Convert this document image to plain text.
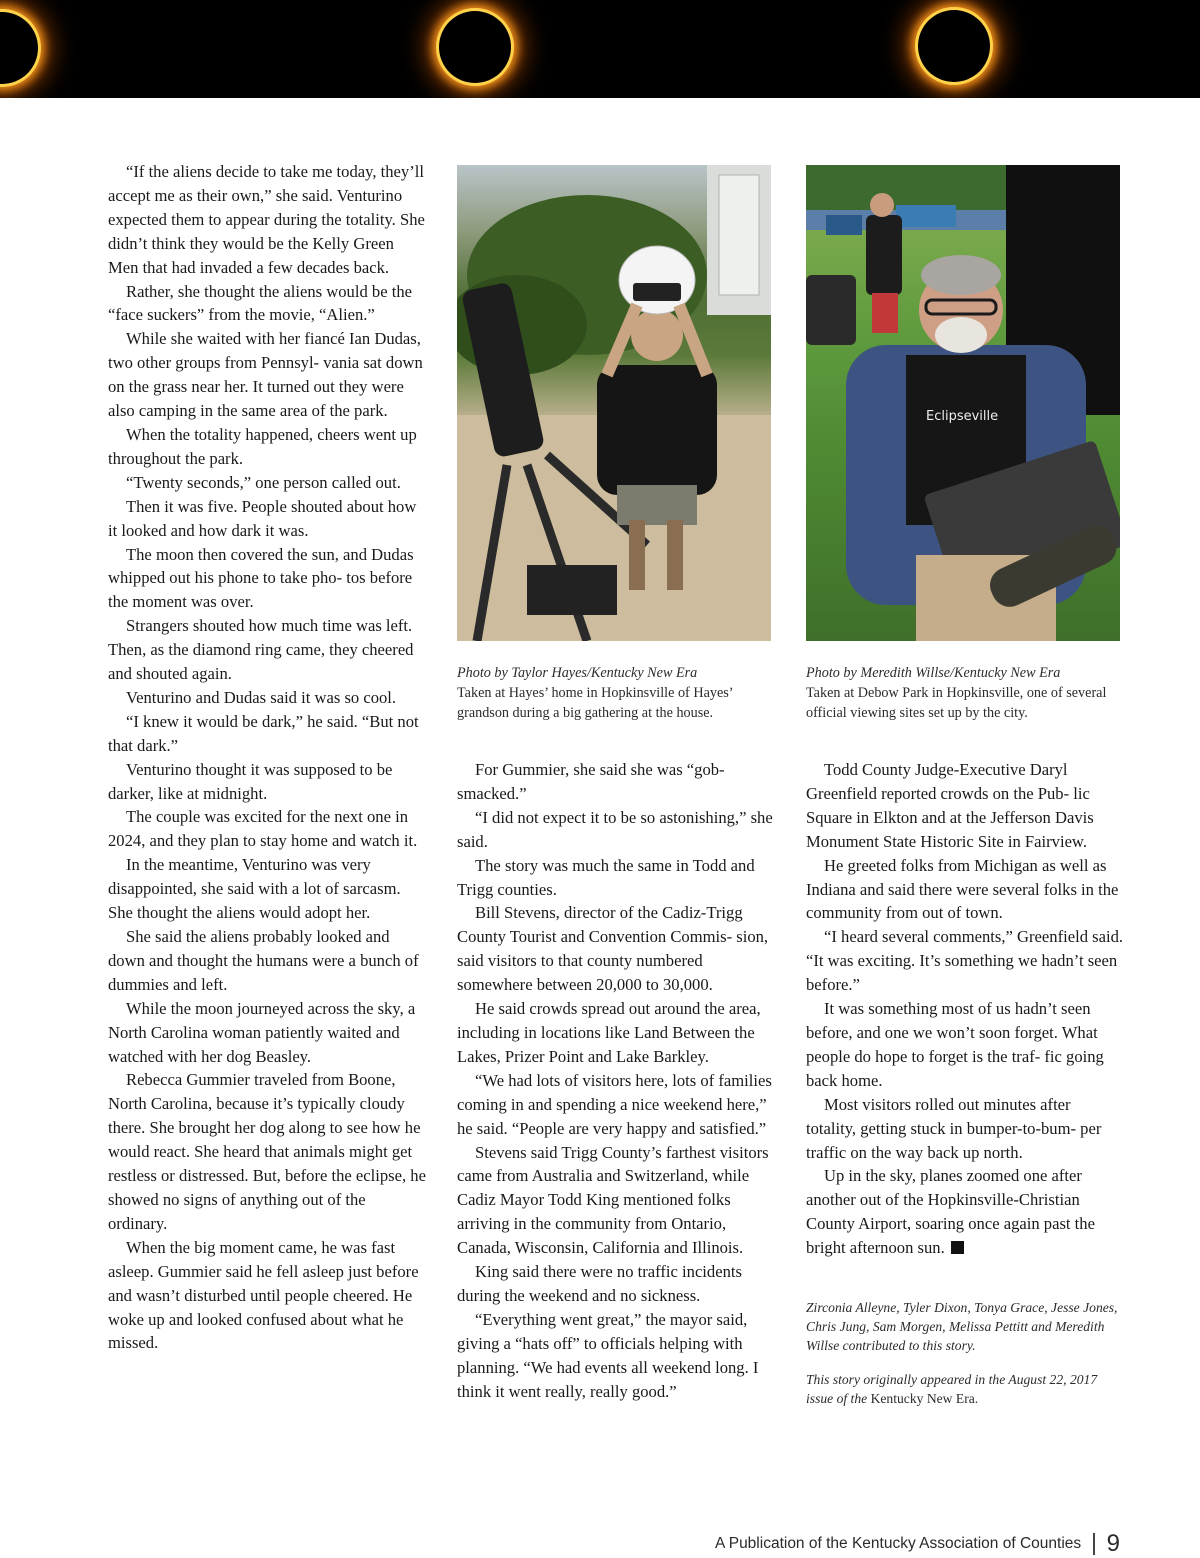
“If the aliens decide to take me today, they’ll accept me as their own,” she said. Venturino expected them to appear during the totality. She didn’t think they would be the Kelly Green Men that had invaded a few decades back.

Rather, she thought the aliens would be the “face suckers” from the movie, “Alien.”

While she waited with her fiancé Ian Dudas, two other groups from Pennsyl- vania sat down on the grass near her. It turned out they were also camping in the same area of the park.

When the totality happened, cheers went up throughout the park.

“Twenty seconds,” one person called out.

Then it was five. People shouted about how it looked and how dark it was.

The moon then covered the sun, and Dudas whipped out his phone to take pho- tos before the moment was over.

Strangers shouted how much time was left. Then, as the diamond ring came, they cheered and shouted again.

Venturino and Dudas said it was so cool.

“I knew it would be dark,” he said. “But not that dark.”

Venturino thought it was supposed to be darker, like at midnight.

The couple was excited for the next one in 2024, and they plan to stay home and watch it.

In the meantime, Venturino was very disappointed, she said with a lot of sarcasm. She thought the aliens would adopt her.

She said the aliens probably looked and down and thought the humans were a bunch of dummies and left.

While the moon journeyed across the sky, a North Carolina woman patiently waited and watched with her dog Beasley.

Rebecca Gummier traveled from Boone, North Carolina, because it’s typically cloudy there. She brought her dog along to see how he would react. She heard that animals might get restless or distressed. But, before the eclipse, he showed no signs of anything out of the ordinary.

When the big moment came, he was fast asleep. Gummier said he fell asleep just before and wasn’t disturbed until people cheered. He woke up and looked confused about what he missed.

Eclipseville
Photo by Taylor Hayes/Kentucky New Era
Taken at Hayes’ home in Hopkinsville of Hayes’ grandson during a big gathering at the house.
Photo by Meredith Willse/Kentucky New Era
Taken at Debow Park in Hopkinsville, one of several official viewing sites set up by the city.

For Gummier, she said she was “gob- smacked.”

“I did not expect it to be so astonishing,” she said.

The story was much the same in Todd and Trigg counties.

Bill Stevens, director of the Cadiz-Trigg County Tourist and Convention Commis- sion, said visitors to that county numbered somewhere between 20,000 to 30,000.

He said crowds spread out around the area, including in locations like Land Between the Lakes, Prizer Point and Lake Barkley.

“We had lots of visitors here, lots of families coming in and spending a nice weekend here,” he said. “People are very happy and satisfied.”

Stevens said Trigg County’s farthest visitors came from Australia and Switzerland, while Cadiz Mayor Todd King mentioned folks arriving in the community from Ontario, Canada, Wisconsin, California and Illinois.

King said there were no traffic incidents during the weekend and no sickness.

“Everything went great,” the mayor said, giving a “hats off” to officials helping with planning. “We had events all weekend long. I think it went really, really good.”

Todd County Judge-Executive Daryl Greenfield reported crowds on the Pub- lic Square in Elkton and at the Jefferson Davis Monument State Historic Site in Fairview.

He greeted folks from Michigan as well as Indiana and said there were several folks in the community from out of town.

“I heard several comments,” Greenfield said. “It was exciting. It’s something we hadn’t seen before.”

It was something most of us hadn’t seen before, and one we won’t soon forget. What people do hope to forget is the traf- fic going back home.

Most visitors rolled out minutes after totality, getting stuck in bumper-to-bum- per traffic on the way back up north.

Up in the sky, planes zoomed one after another out of the Hopkinsville-Christian County Airport, soaring once again past the bright afternoon sun.

Zirconia Alleyne, Tyler Dixon, Tonya Grace, Jesse Jones, Chris Jung, Sam Morgen, Melissa Pettitt and Meredith Willse contributed to this story.
This story originally appeared in the August 22, 2017 issue of the Kentucky New Era.
A Publication of the Kentucky Association of Counties 9
